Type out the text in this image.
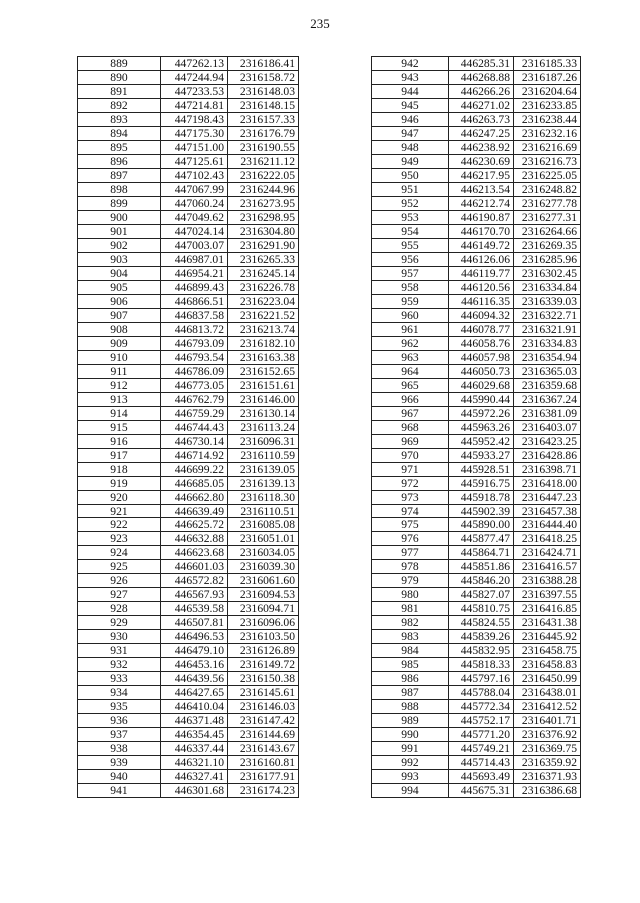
235
889	447262.13	2316186.41
890	447244.94	2316158.72
891	447233.53	2316148.03
892	447214.81	2316148.15
893	447198.43	2316157.33
894	447175.30	2316176.79
895	447151.00	2316190.55
896	447125.61	2316211.12
897	447102.43	2316222.05
898	447067.99	2316244.96
899	447060.24	2316273.95
900	447049.62	2316298.95
901	447024.14	2316304.80
902	447003.07	2316291.90
903	446987.01	2316265.33
904	446954.21	2316245.14
905	446899.43	2316226.78
906	446866.51	2316223.04
907	446837.58	2316221.52
908	446813.72	2316213.74
909	446793.09	2316182.10
910	446793.54	2316163.38
911	446786.09	2316152.65
912	446773.05	2316151.61
913	446762.79	2316146.00
914	446759.29	2316130.14
915	446744.43	2316113.24
916	446730.14	2316096.31
917	446714.92	2316110.59
918	446699.22	2316139.05
919	446685.05	2316139.13
920	446662.80	2316118.30
921	446639.49	2316110.51
922	446625.72	2316085.08
923	446632.88	2316051.01
924	446623.68	2316034.05
925	446601.03	2316039.30
926	446572.82	2316061.60
927	446567.93	2316094.53
928	446539.58	2316094.71
929	446507.81	2316096.06
930	446496.53	2316103.50
931	446479.10	2316126.89
932	446453.16	2316149.72
933	446439.56	2316150.38
934	446427.65	2316145.61
935	446410.04	2316146.03
936	446371.48	2316147.42
937	446354.45	2316144.69
938	446337.44	2316143.67
939	446321.10	2316160.81
940	446327.41	2316177.91
941	446301.68	2316174.23
942	446285.31	2316185.33
943	446268.88	2316187.26
944	446266.26	2316204.64
945	446271.02	2316233.85
946	446263.73	2316238.44
947	446247.25	2316232.16
948	446238.92	2316216.69
949	446230.69	2316216.73
950	446217.95	2316225.05
951	446213.54	2316248.82
952	446212.74	2316277.78
953	446190.87	2316277.31
954	446170.70	2316264.66
955	446149.72	2316269.35
956	446126.06	2316285.96
957	446119.77	2316302.45
958	446120.56	2316334.84
959	446116.35	2316339.03
960	446094.32	2316322.71
961	446078.77	2316321.91
962	446058.76	2316334.83
963	446057.98	2316354.94
964	446050.73	2316365.03
965	446029.68	2316359.68
966	445990.44	2316367.24
967	445972.26	2316381.09
968	445963.26	2316403.07
969	445952.42	2316423.25
970	445933.27	2316428.86
971	445928.51	2316398.71
972	445916.75	2316418.00
973	445918.78	2316447.23
974	445902.39	2316457.38
975	445890.00	2316444.40
976	445877.47	2316418.25
977	445864.71	2316424.71
978	445851.86	2316416.57
979	445846.20	2316388.28
980	445827.07	2316397.55
981	445810.75	2316416.85
982	445824.55	2316431.38
983	445839.26	2316445.92
984	445832.95	2316458.75
985	445818.33	2316458.83
986	445797.16	2316450.99
987	445788.04	2316438.01
988	445772.34	2316412.52
989	445752.17	2316401.71
990	445771.20	2316376.92
991	445749.21	2316369.75
992	445714.43	2316359.92
993	445693.49	2316371.93
994	445675.31	2316386.68
